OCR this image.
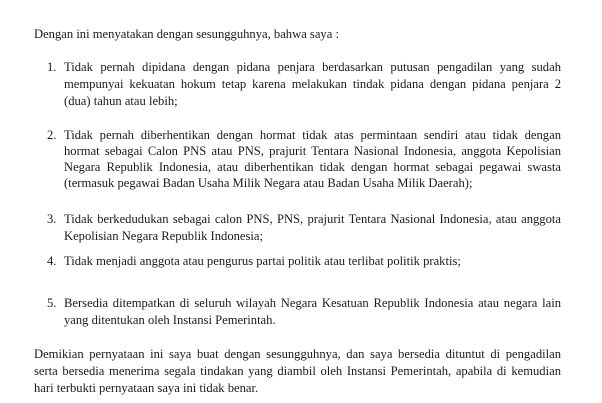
Dengan ini menyatakan dengan sesungguhnya, bahwa saya :
1. Tidak pernah dipidana dengan pidana penjara berdasarkan putusan pengadilan yang sudah
mempunyai kekuatan hokum tetap karena melakukan tindak pidana dengan pidana penjara 2
(dua) tahun atau lebih;
2. Tidak pernah diberhentikan dengan hormat tidak atas permintaan sendiri atau tidak dengan
hormat sebagai Calon PNS atau PNS, prajurit Tentara Nasional Indonesia, anggota Kepolisian
Negara Republik Indonesia, atau diberhentikan tidak dengan hormat sebagai pegawai swasta
(termasuk pegawai Badan Usaha Milik Negara atau Badan Usaha Milik Daerah);
3. Tidak berkedudukan sebagai calon PNS, PNS, prajurit Tentara Nasional Indonesia, atau anggota
Kepolisian Negara Republik Indonesia;
4. Tidak menjadi anggota atau pengurus partai politik atau terlibat politik praktis;
5. Bersedia ditempatkan di seluruh wilayah Negara Kesatuan Republik Indonesia atau negara lain
yang ditentukan oleh Instansi Pemerintah.
Demikian pernyataan ini saya buat dengan sesungguhnya, dan saya bersedia dituntut di pengadilan
serta bersedia menerima segala tindakan yang diambil oleh Instansi Pemerintah, apabila di kemudian
hari terbukti pernyataan saya ini tidak benar.
